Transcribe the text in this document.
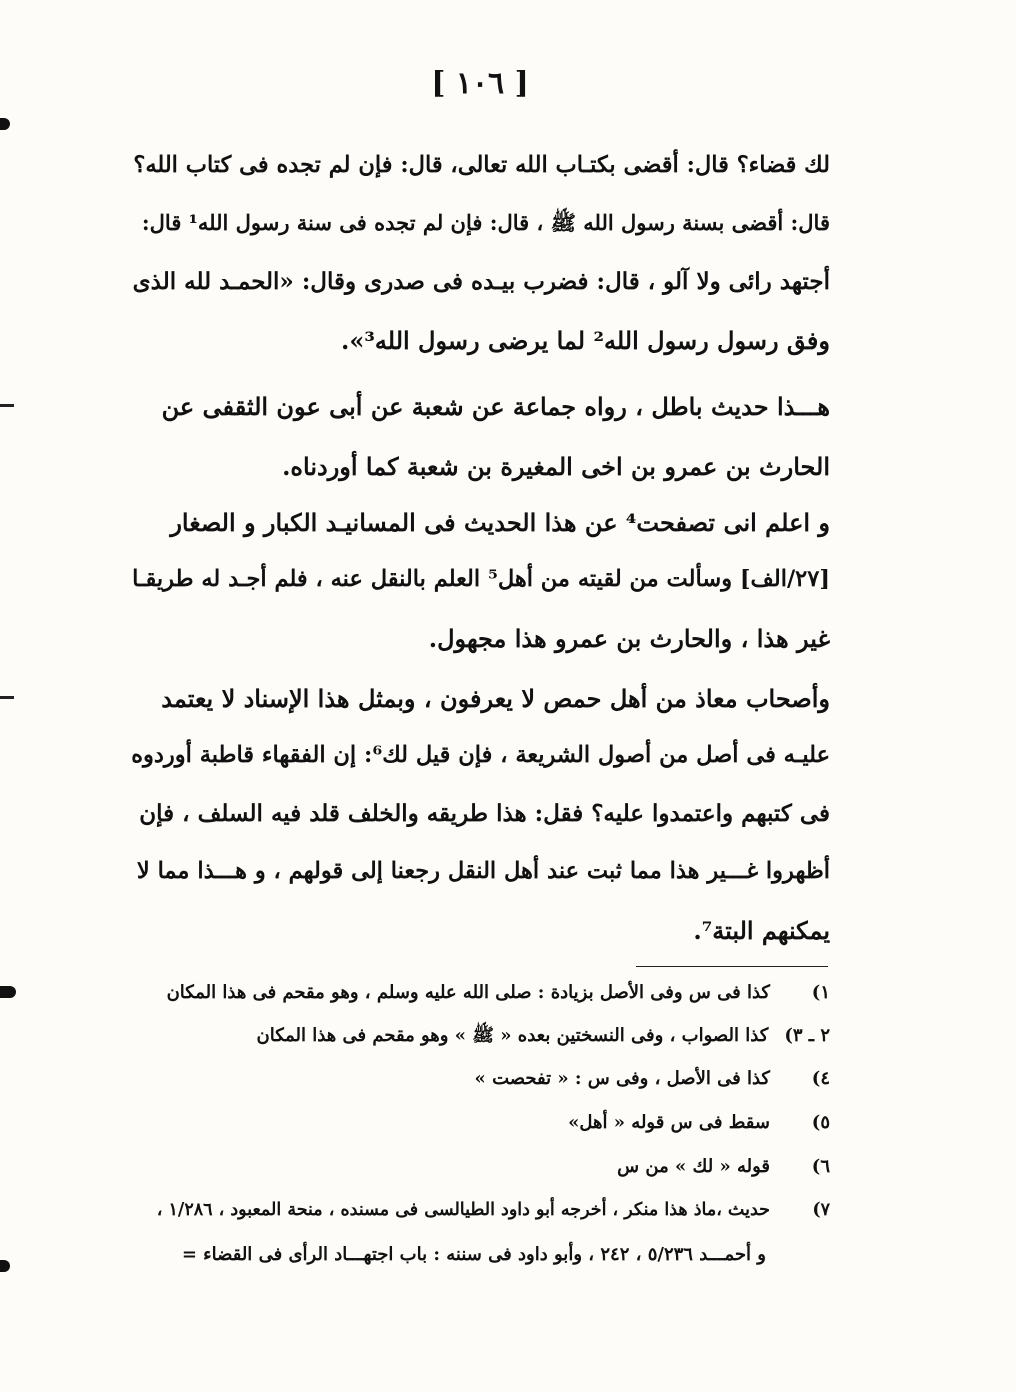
[ ١٠٦ ]
لك قضاء؟ قال: أقضى بكتـاب الله تعالى، قال: فإن لم تجده فى كتاب الله؟
قال: أقضى بسنة رسول الله ﷺ ، قال: فإن لم تجده فى سنة رسول الله¹ قال:
أجتهد رائى ولا آلو ، قال: فضرب بيـده فى صدرى وقال: «الحمـد لله الذى
وفق رسول رسول الله² لما يرضى رسول الله³».
هـــذا حديث باطل ، رواه جماعة عن شعبة عن أبى عون الثقفى عن
الحارث بن عمرو بن اخى المغيرة بن شعبة كما أوردناه.
و اعلم انى تصفحت⁴ عن هذا الحديث فى المسانيـد الكبار و الصغار
[٢٧/الف] وسألت من لقيته من أهل⁵ العلم بالنقل عنه ، فلم أجـد له طريقـا
غير هذا ، والحارث بن عمرو هذا مجهول.
وأصحاب معاذ من أهل حمص لا يعرفون ، وبمثل هذا الإسناد لا يعتمد
عليـه فى أصل من أصول الشريعة ، فإن قيل لك⁶: إن الفقهاء قاطبة أوردوه
فى كتبهم واعتمدوا عليه؟ فقل: هذا طريقه والخلف قلد فيه السلف ، فإن
أظهروا غـــير هذا مما ثبت عند أهل النقل رجعنا إلى قولهم ، و هـــذا مما لا
يمكنهم البتة⁷.
١)
كذا فى س وفى الأصل بزيادة : صلى الله عليه وسلم ، وهو مقحم فى هذا المكان
٢ ـ ٣)
كذا الصواب ، وفى النسختين بعده « ﷺ » وهو مقحم فى هذا المكان
٤)
كذا فى الأصل ، وفى س : « تفحصت »
٥)
سقط فى س قوله « أهل»
٦)
قوله « لك » من س
٧)
حديث ،ماذ هذا منكر ، أخرجه أبو داود الطيالسى فى مسنده ، منحة المعبود ، ١/٢٨٦ ،
و أحمـــد ٥/٢٣٦ ، ٢٤٢ ، وأبو داود فى سننه : باب اجتهـــاد الرأى فى القضاء =
